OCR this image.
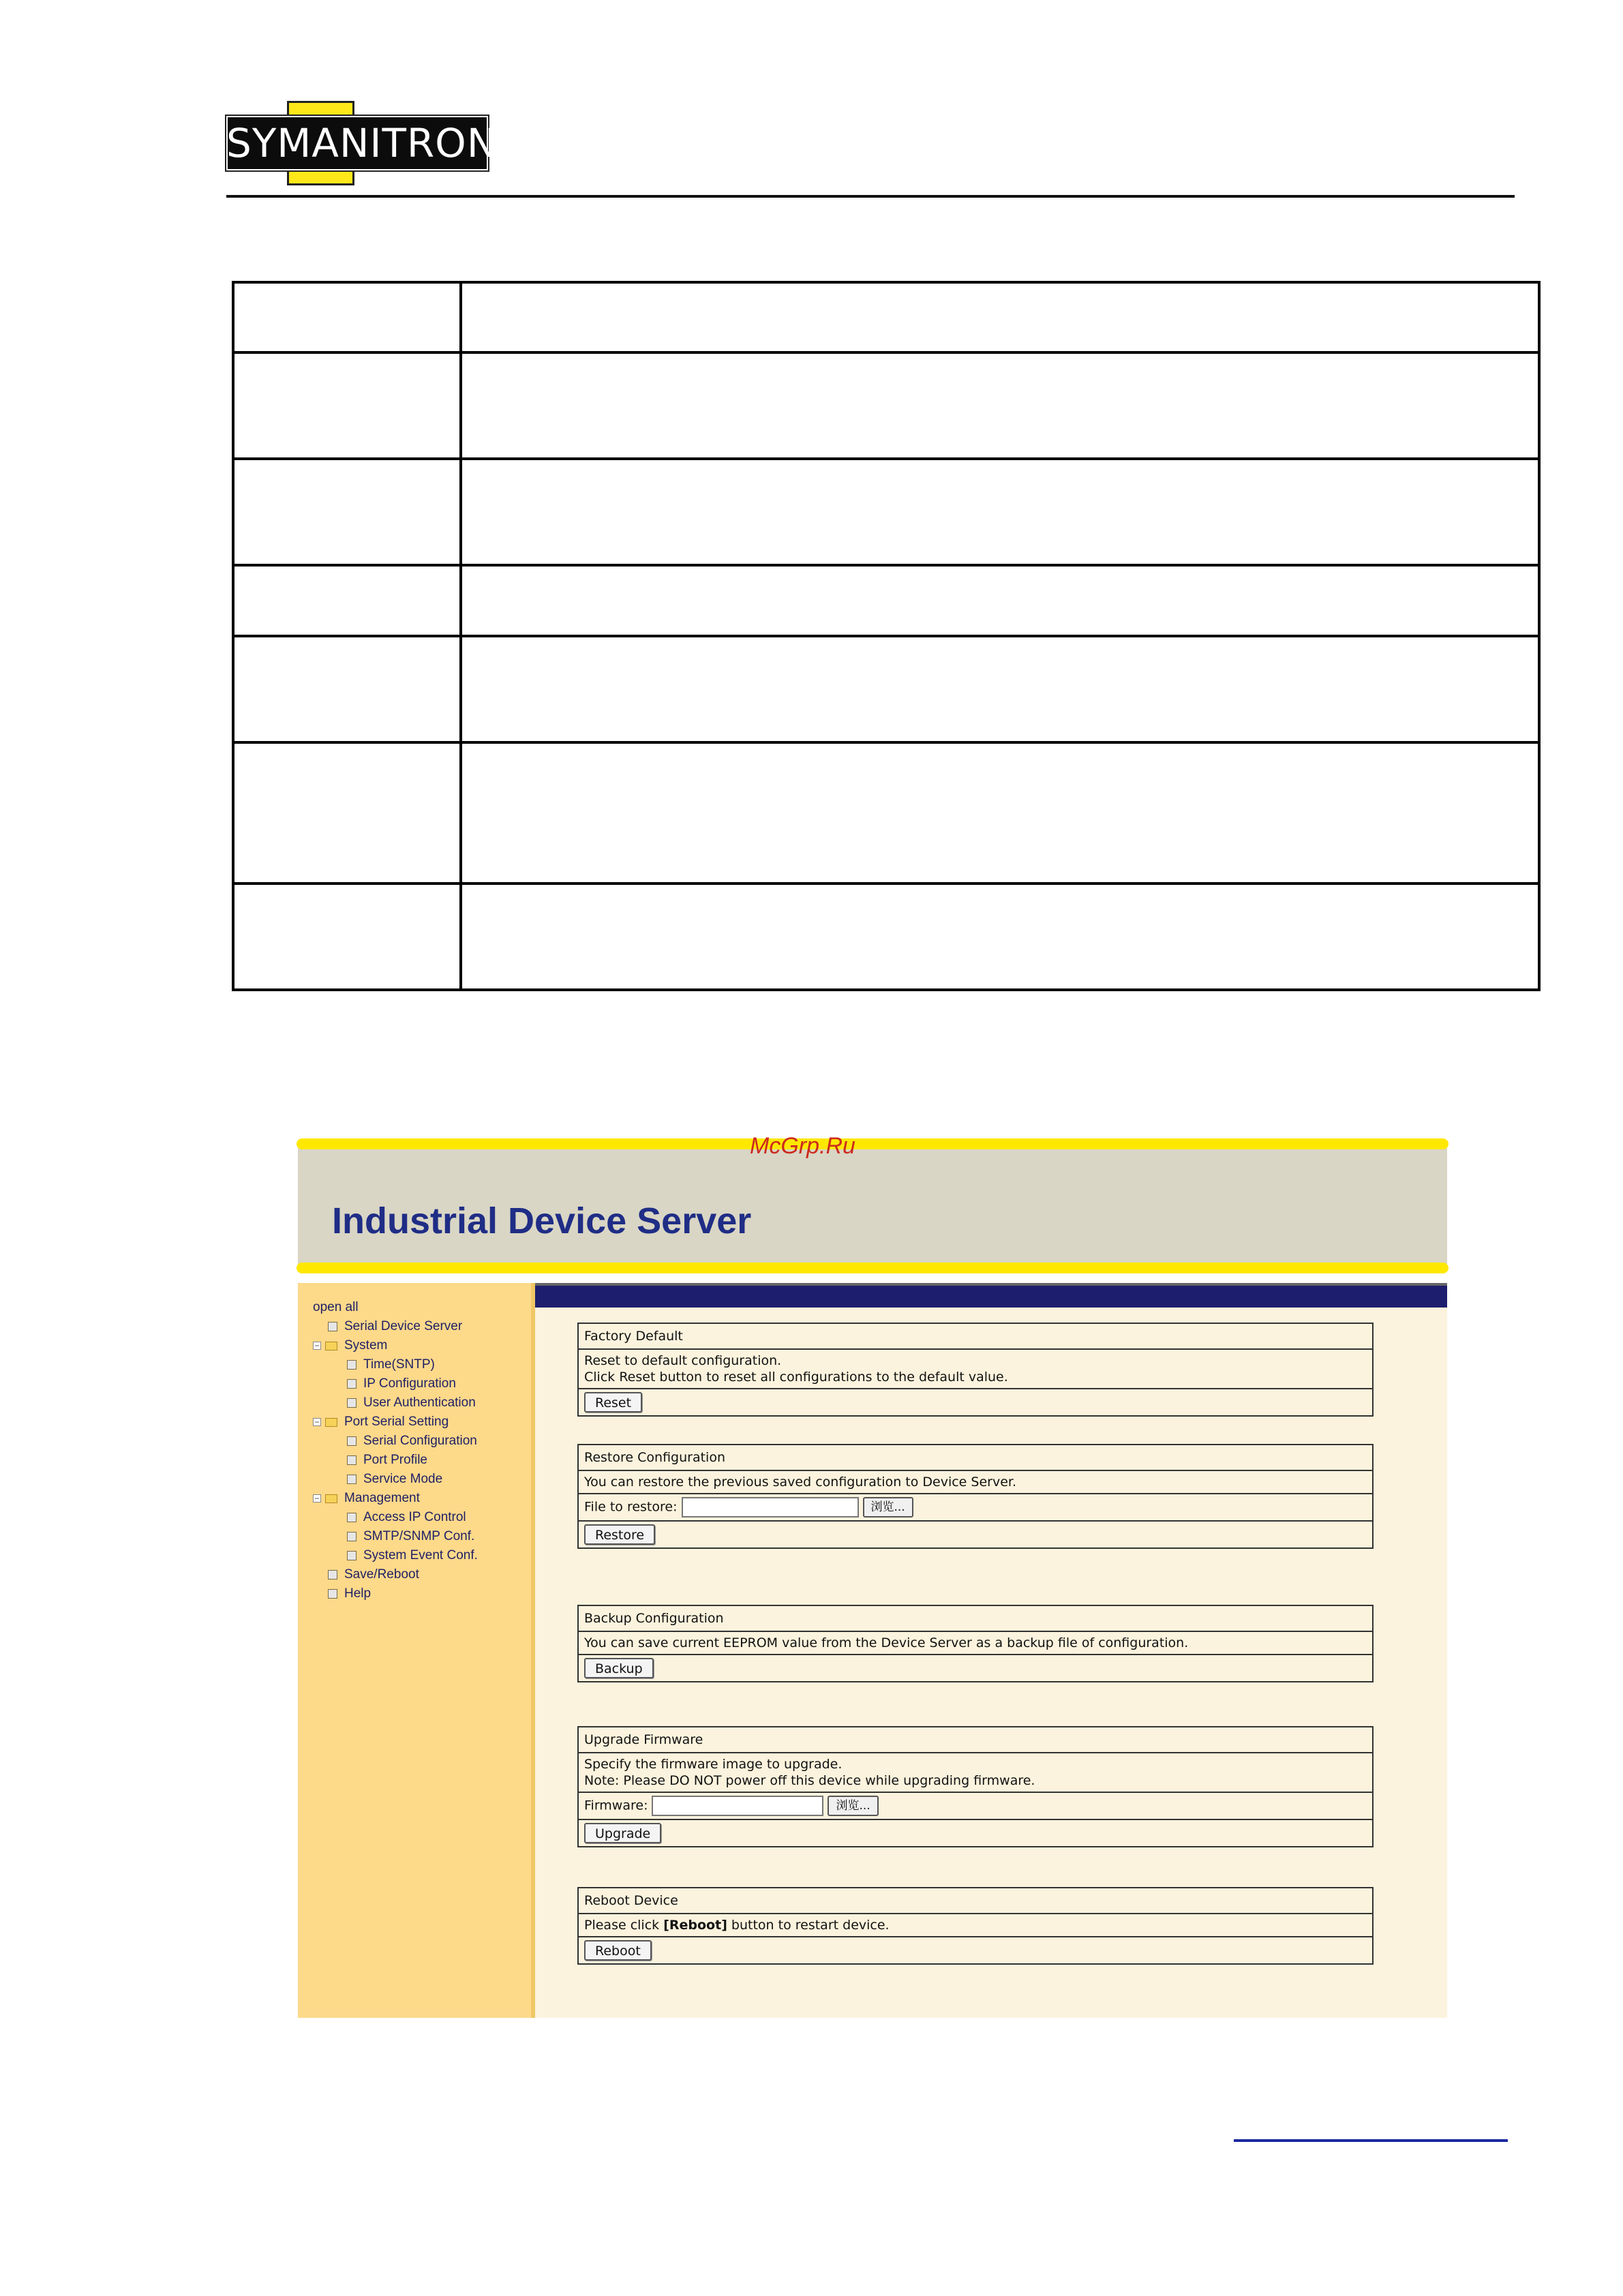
SYMANITRON

Industrial Device Server
McGrp.Ru
open all
Serial Device Server
− System
Time(SNTP)
IP Configuration
User Authentication
− Port Serial Setting
Serial Configuration
Port Profile
Service Mode
− Management
Access IP Control
SMTP/SNMP Conf.
System Event Conf.
Save/Reboot
Help
Factory Default
Reset to default configuration.
Click Reset button to reset all configurations to the default value.
Reset
Restore Configuration
You can restore the previous saved configuration to Device Server.
File to restore:	浏览...
Restore
Backup Configuration
You can save current EEPROM value from the Device Server as a backup file of configuration.
Backup
Upgrade Firmware
Specify the firmware image to upgrade.
Note: Please DO NOT power off this device while upgrading firmware.
Firmware:	浏览...
Upgrade
Reboot Device
Please click [Reboot] button to restart device.
Reboot
